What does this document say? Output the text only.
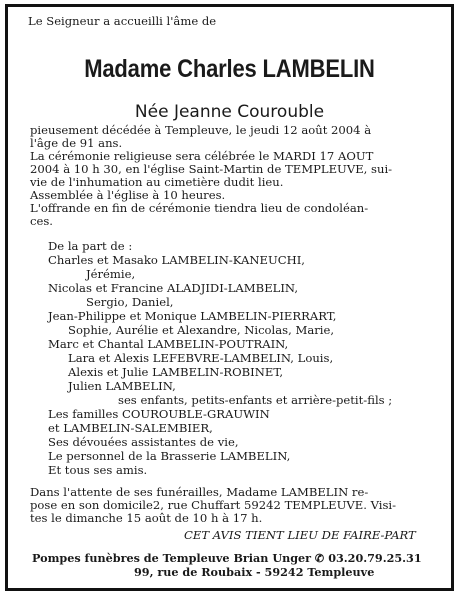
Le Seigneur a accueilli l'âme de
Madame Charles LAMBELIN
Née Jeanne Courouble
pieusement décédée à Templeuve, le jeudi 12 août 2004 à
l'âge de 91 ans.
La cérémonie religieuse sera célébrée le MARDI 17 AOUT
2004 à 10 h 30, en l'église Saint-Martin de TEMPLEUVE, sui-
vie de l'inhumation au cimetière dudit lieu.
Assemblée à l'église à 10 heures.
L'offrande en fin de cérémonie tiendra lieu de condoléan-
ces.
De la part de :
Charles et Masako LAMBELIN-KANEUCHI,
Jérémie,
Nicolas et Francine ALADJIDI-LAMBELIN,
Sergio, Daniel,
Jean-Philippe et Monique LAMBELIN-PIERRART,
Sophie, Aurélie et Alexandre, Nicolas, Marie,
Marc et Chantal LAMBELIN-POUTRAIN,
Lara et Alexis LEFEBVRE-LAMBELIN, Louis,
Alexis et Julie LAMBELIN-ROBINET,
Julien LAMBELIN,
ses enfants, petits-enfants et arrière-petit-fils ;
Les familles COUROUBLE-GRAUWIN
et LAMBELIN-SALEMBIER,
Ses dévouées assistantes de vie,
Le personnel de la Brasserie LAMBELIN,
Et tous ses amis.
Dans l'attente de ses funérailles, Madame LAMBELIN re-
pose en son domicile2, rue Chuffart 59242 TEMPLEUVE. Visi-
tes le dimanche 15 août de 10 h à 17 h.
CET AVIS TIENT LIEU DE FAIRE-PART
Pompes funèbres de Templeuve Brian Unger ✆ 03.20.79.25.31
99, rue de Roubaix - 59242 Templeuve
